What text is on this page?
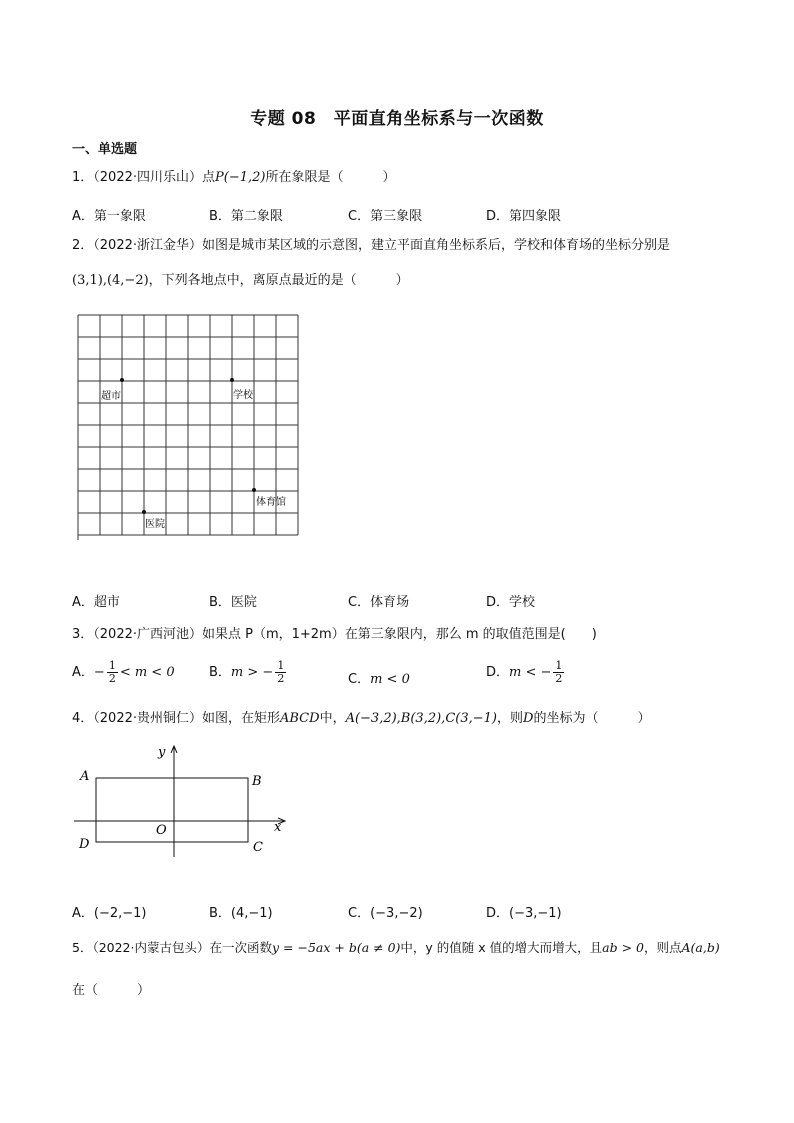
专题 08　平面直角坐标系与一次函数
一、单选题
1．（2022·四川乐山）点P(−1,2)所在象限是（　　　）
A．第一象限	B．第二象限	C．第三象限	D．第四象限
2．（2022·浙江金华）如图是城市某区域的示意图，建立平面直角坐标系后，学校和体育场的坐标分别是
(3,1),(4,−2)，下列各地点中，离原点最近的是（　　　）
超市	学校
体育馆
医院
A．超市	B．医院	C．体育场	D．学校
3．（2022·广西河池）如果点 P（m，1+2m）在第三象限内，那么 m 的取值范围是(　　)
A．− $\frac{1}{2} < m < 0$	B．m > − $\frac{1}{2}$	C．m < 0	D．m < − $\frac{1}{2}$
4．（2022·贵州铜仁）如图，在矩形ABCD中，A(−3,2),B(3,2),C(3,−1)，则D的坐标为（　　　）
A	B
C
D
O	x
y
A．(−2,−1)	B．(4,−1)	C．(−3,−2)	D．(−3,−1)
5．（2022·内蒙古包头）在一次函数y = −5ax + b(a ≠ 0)中，y 的值随 x 值的增大而增大，且ab > 0，则点A(a,b)
在（　　　）
